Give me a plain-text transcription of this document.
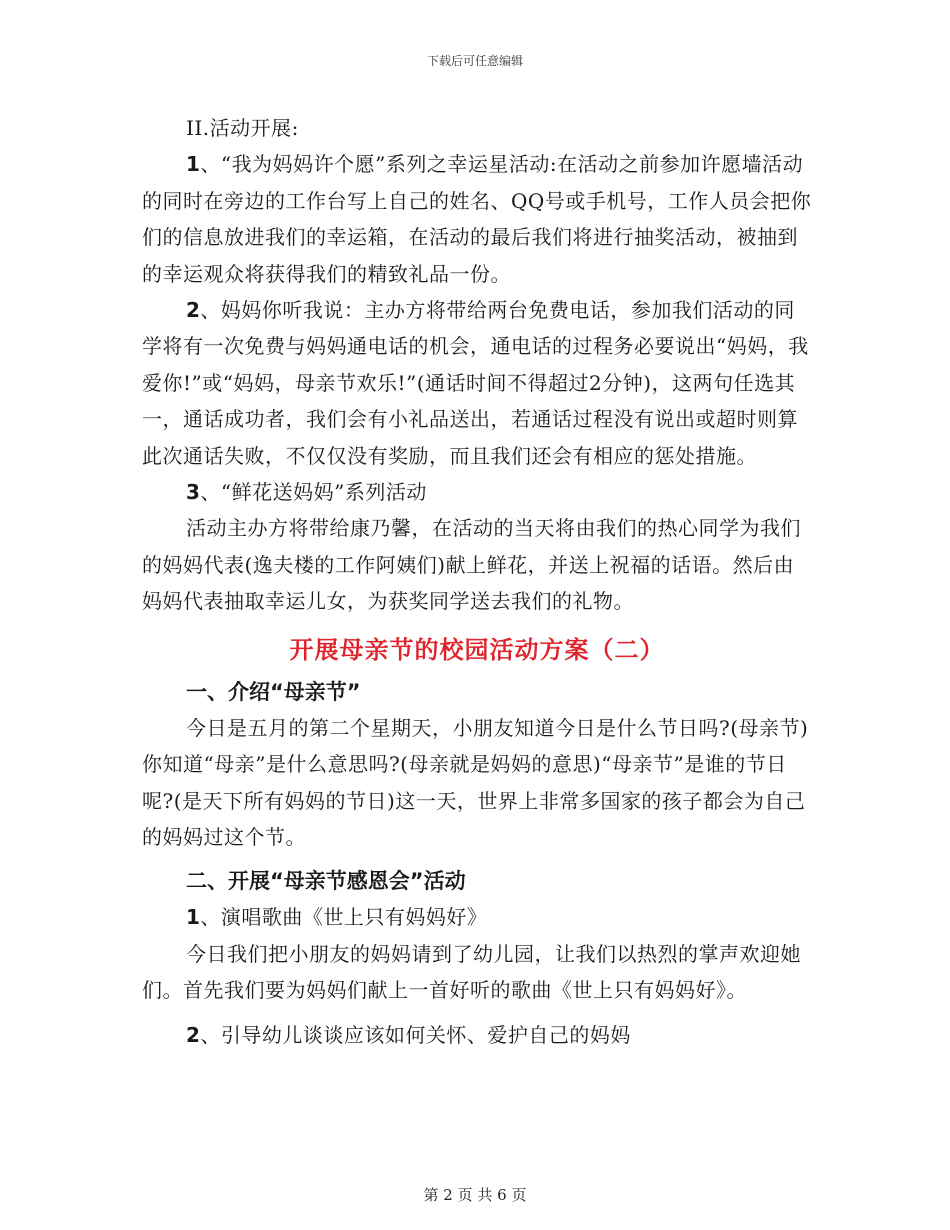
下载后可任意编辑

II.活动开展:

1、“我为妈妈许个愿”系列之幸运星活动:在活动之前参加许愿墙活动的同时在旁边的工作台写上自己的姓名、QQ号或手机号，工作人员会把你们的信息放进我们的幸运箱，在活动的最后我们将进行抽奖活动，被抽到的幸运观众将获得我们的精致礼品一份。

2、妈妈你听我说：主办方将带给两台免费电话，参加我们活动的同学将有一次免费与妈妈通电话的机会，通电话的过程务必要说出“妈妈，我爱你!”或“妈妈，母亲节欢乐!”(通话时间不得超过2分钟)，这两句任选其一，通话成功者，我们会有小礼品送出，若通话过程没有说出或超时则算此次通话失败，不仅仅没有奖励，而且我们还会有相应的惩处措施。

3、“鲜花送妈妈”系列活动

活动主办方将带给康乃馨，在活动的当天将由我们的热心同学为我们的妈妈代表(逸夫楼的工作阿姨们)献上鲜花，并送上祝福的话语。然后由妈妈代表抽取幸运儿女，为获奖同学送去我们的礼物。

开展母亲节的校园活动方案（二）

一、介绍“母亲节”

今日是五月的第二个星期天，小朋友知道今日是什么节日吗?(母亲节)你知道“母亲”是什么意思吗?(母亲就是妈妈的意思)“母亲节”是谁的节日呢?(是天下所有妈妈的节日)这一天，世界上非常多国家的孩子都会为自己的妈妈过这个节。

二、开展“母亲节感恩会”活动

1、演唱歌曲《世上只有妈妈好》

今日我们把小朋友的妈妈请到了幼儿园，让我们以热烈的掌声欢迎她们。首先我们要为妈妈们献上一首好听的歌曲《世上只有妈妈好》。

2、引导幼儿谈谈应该如何关怀、爱护自己的妈妈

第 2 页 共 6 页
